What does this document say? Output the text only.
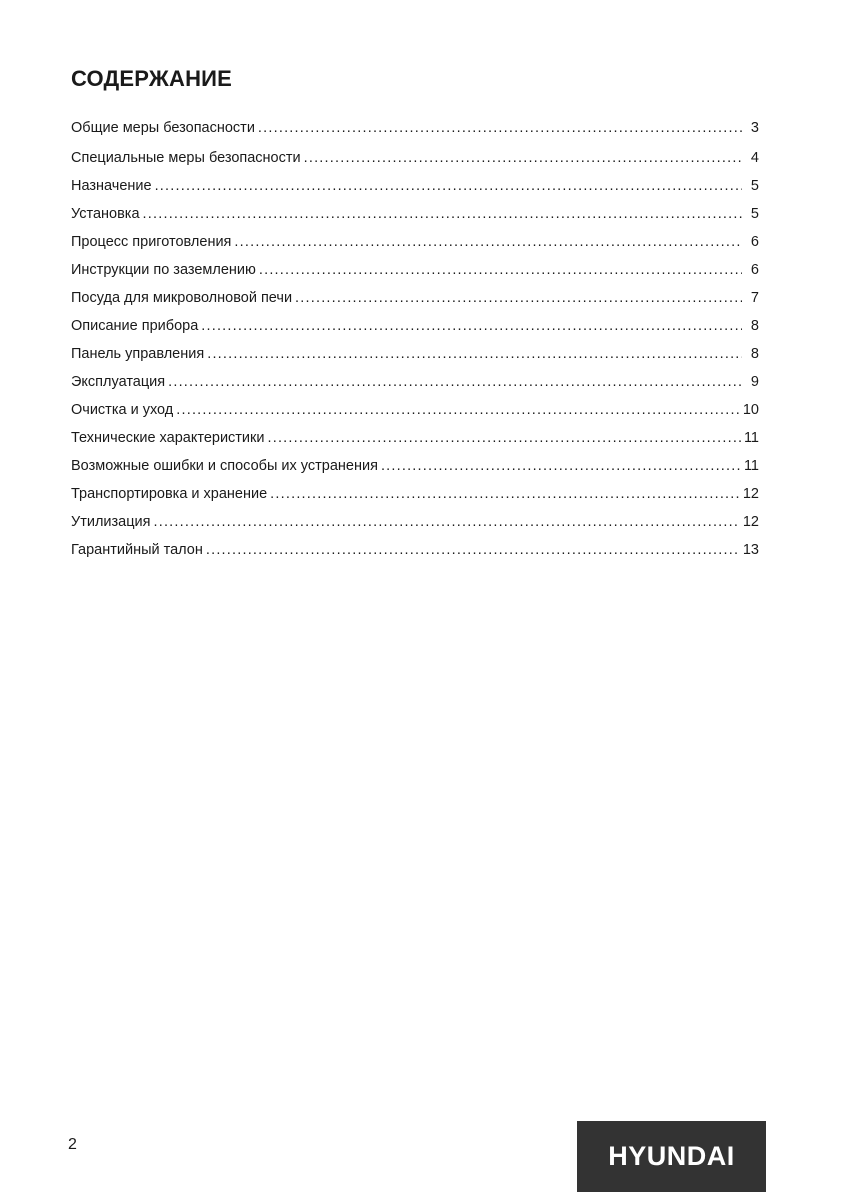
СОДЕРЖАНИЕ
Общие меры безопасности .....	3
Специальные меры безопасности .....	4
Назначение .....	5
Установка .....	5
Процесс приготовления .....	6
Инструкции по заземлению .....	6
Посуда для микроволновой печи .....	7
Описание прибора .....	8
Панель управления .....	8
Эксплуатация .....	9
Очистка и уход .....	10
Технические характеристики .....	11
Возможные ошибки и способы их устранения .....	11
Транспортировка и хранение .....	12
Утилизация .....	12
Гарантийный талон .....	13
2	HYUNDAI
